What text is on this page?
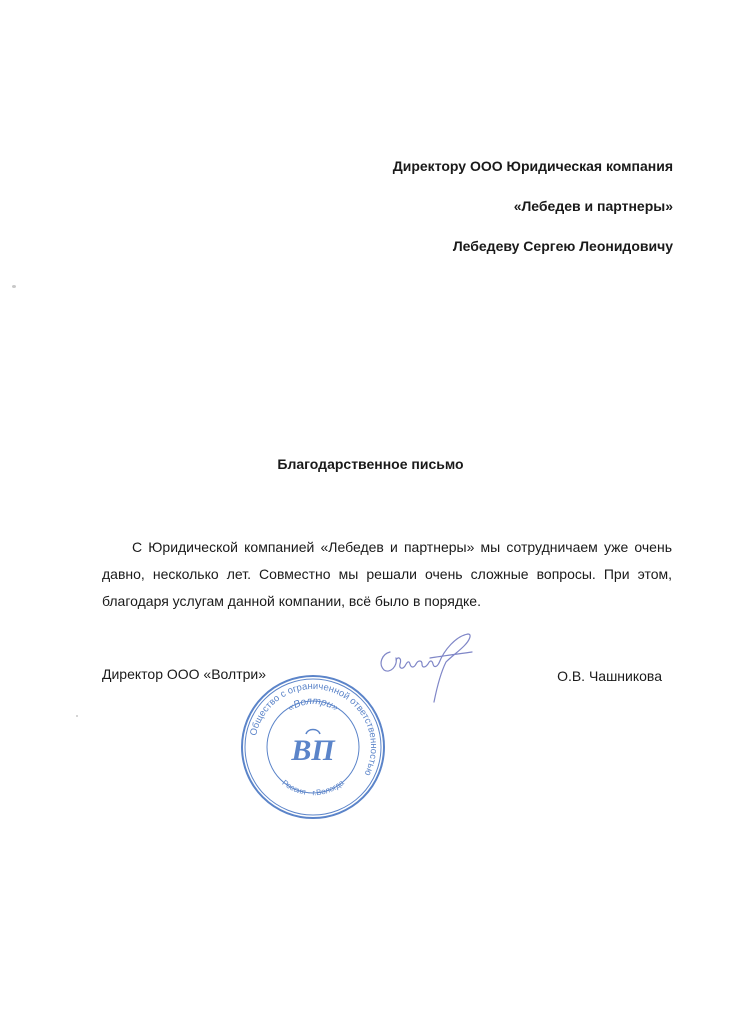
Директору ООО Юридическая компания
«Лебедев и партнеры»
Лебедеву Сергею Леонидовичу
Благодарственное письмо
С Юридической компанией «Лебедев и партнеры» мы сотрудничаем уже очень давно, несколько лет. Совместно мы решали очень сложные вопросы. При этом, благодаря услугам данной компании, всё было в порядке.
Директор ООО «Волтри»	О.В. Чашникова
Общество с ограниченной ответственностью
«Волтри»
ВП
Россия · г.Вологда
